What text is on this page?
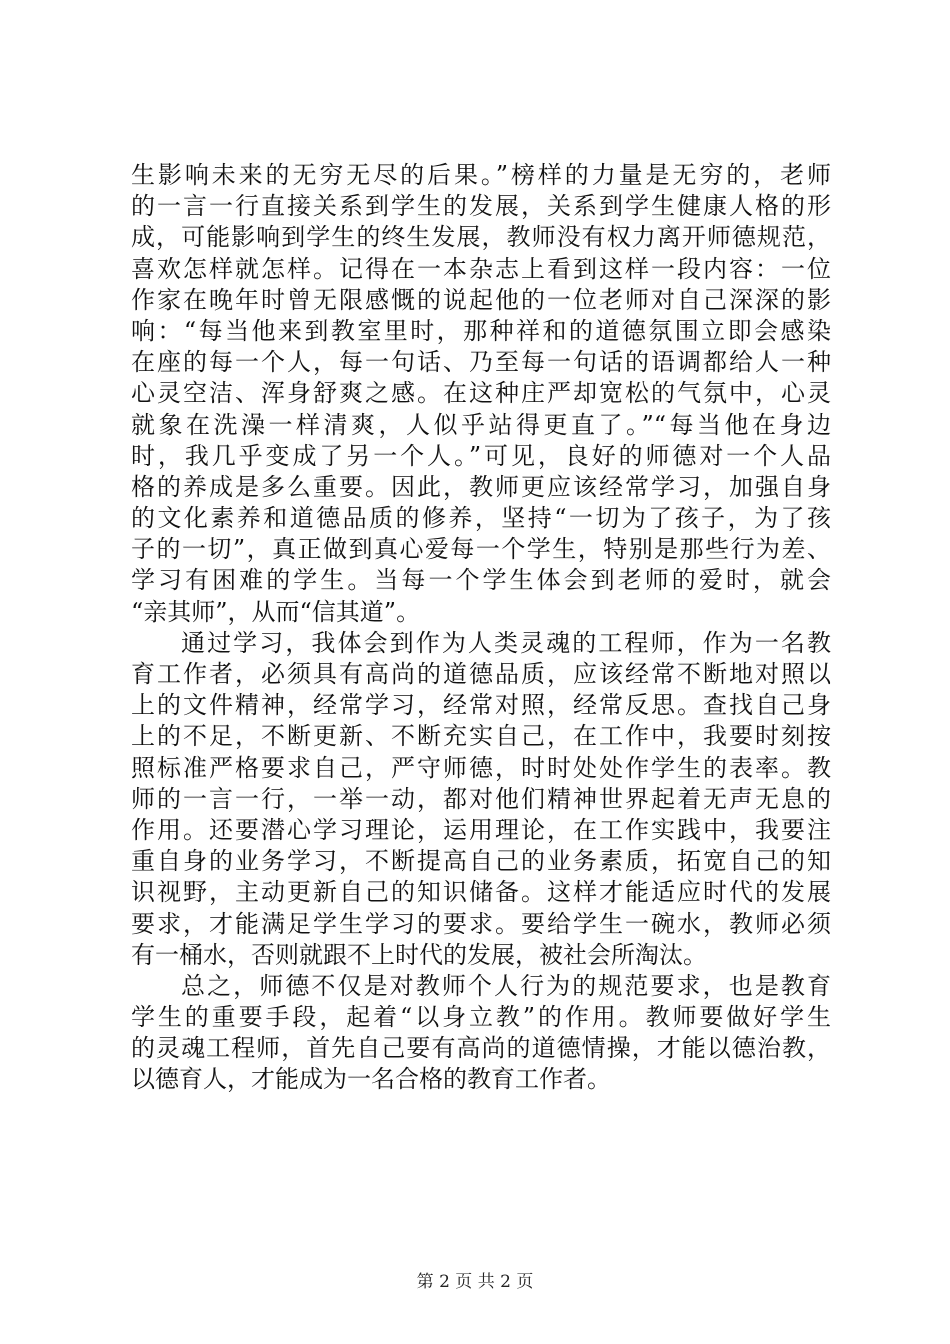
生影响未来的无穷无尽的后果。”榜样的力量是无穷的，老师
的一言一行直接关系到学生的发展，关系到学生健康人格的形
成，可能影响到学生的终生发展，教师没有权力离开师德规范，
喜欢怎样就怎样。记得在一本杂志上看到这样一段内容：一位
作家在晚年时曾无限感慨的说起他的一位老师对自己深深的影
响：“每当他来到教室里时，那种祥和的道德氛围立即会感染
在座的每一个人，每一句话、乃至每一句话的语调都给人一种
心灵空洁、浑身舒爽之感。在这种庄严却宽松的气氛中，心灵
就象在洗澡一样清爽，人似乎站得更直了。”“每当他在身边
时，我几乎变成了另一个人。”可见，良好的师德对一个人品
格的养成是多么重要。因此，教师更应该经常学习，加强自身
的文化素养和道德品质的修养，坚持“一切为了孩子，为了孩
子的一切”，真正做到真心爱每一个学生，特别是那些行为差、
学习有困难的学生。当每一个学生体会到老师的爱时，就会
“亲其师”，从而“信其道”。
通过学习，我体会到作为人类灵魂的工程师，作为一名教
育工作者，必须具有高尚的道德品质，应该经常不断地对照以
上的文件精神，经常学习，经常对照，经常反思。查找自己身
上的不足，不断更新、不断充实自己，在工作中，我要时刻按
照标准严格要求自己，严守师德，时时处处作学生的表率。教
师的一言一行，一举一动，都对他们精神世界起着无声无息的
作用。还要潜心学习理论，运用理论，在工作实践中，我要注
重自身的业务学习，不断提高自己的业务素质，拓宽自己的知
识视野，主动更新自己的知识储备。这样才能适应时代的发展
要求，才能满足学生学习的要求。要给学生一碗水，教师必须
有一桶水，否则就跟不上时代的发展，被社会所淘汰。
总之，师德不仅是对教师个人行为的规范要求，也是教育
学生的重要手段，起着“以身立教”的作用。教师要做好学生
的灵魂工程师，首先自己要有高尚的道德情操，才能以德治教，
以德育人，才能成为一名合格的教育工作者。
第 2 页 共 2 页
